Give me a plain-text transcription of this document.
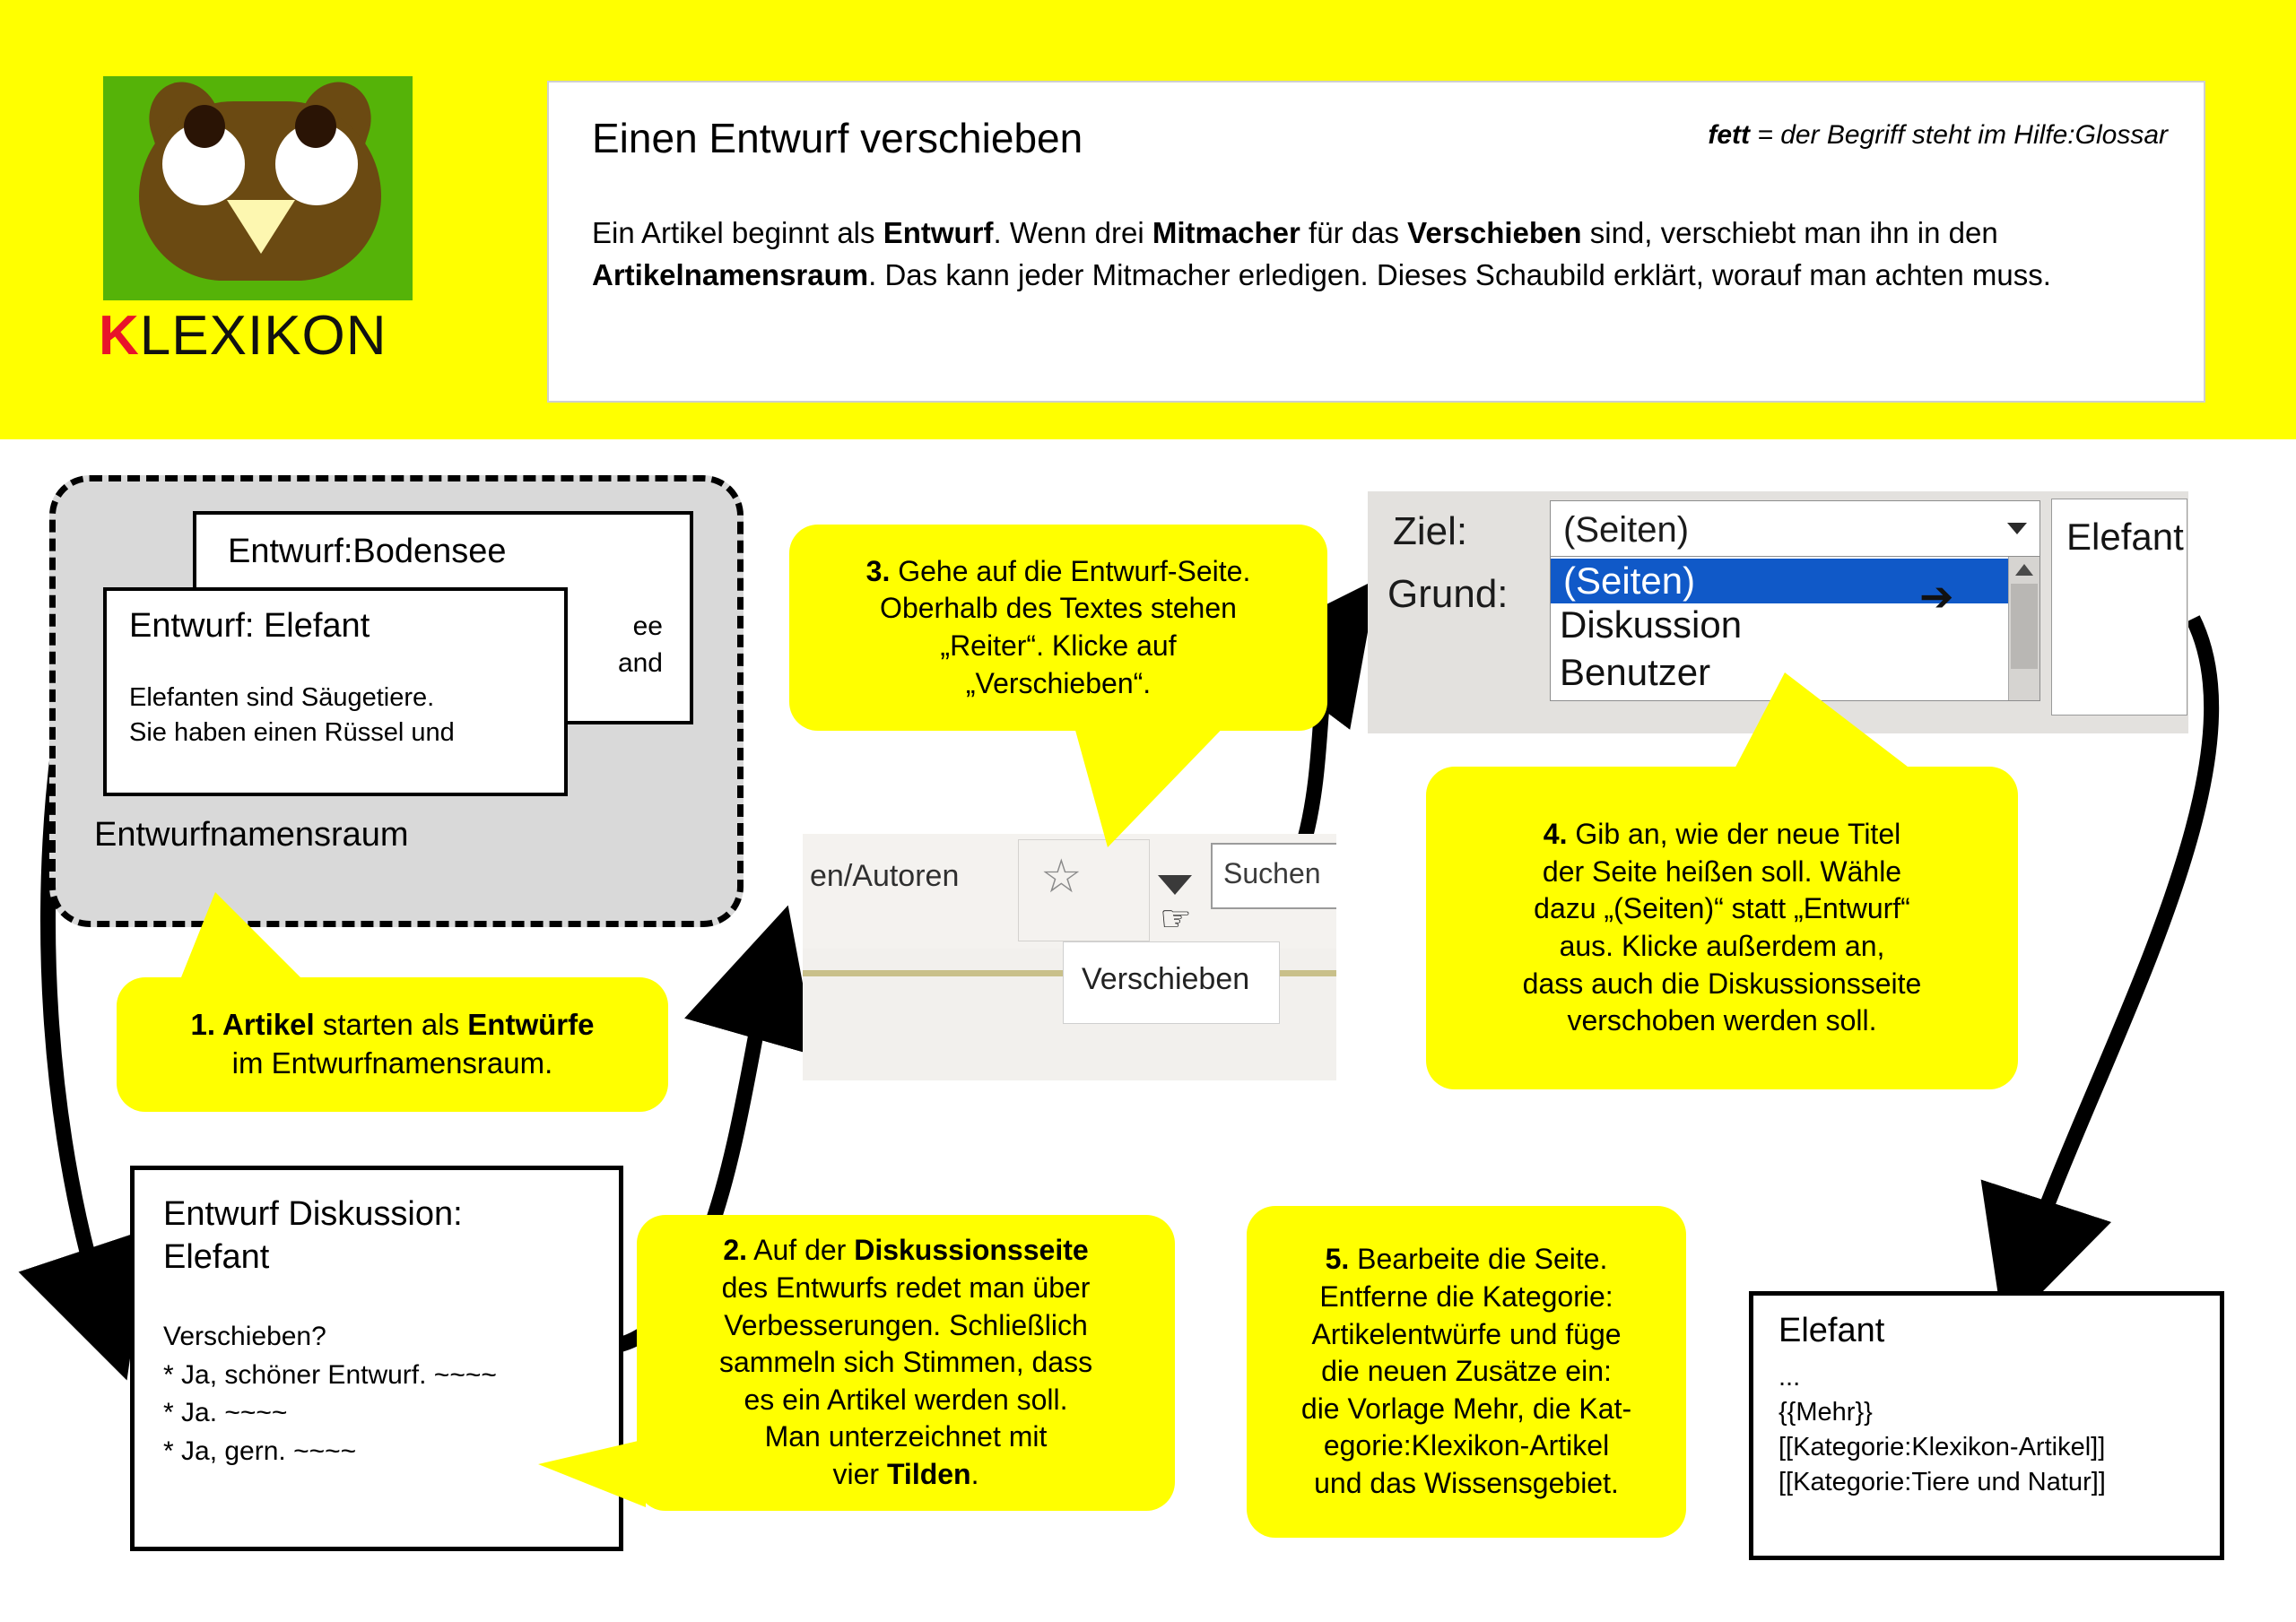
KLEXIKON
Einen Entwurf verschieben	fett = der Begriff steht im Hilfe:Glossar
Ein Artikel beginnt als Entwurf. Wenn drei Mitmacher für das Verschieben sind, verschiebt man ihn in den Artikelnamensraum. Das kann jeder Mitmacher erledigen. Dieses Schaubild erklärt, worauf man achten muss.
Entwurfnamensraum
Entwurf:Bodensee
ee
and
Entwurf: Elefant
Elefanten sind Säugetiere.
Sie haben einen Rüssel und
Entwurf Diskussion:
Elefant
Verschieben?
* Ja, schöner Entwurf. ~~~~
* Ja. ~~~~
* Ja, gern. ~~~~
Elefant
...
{{Mehr}}
[[Kategorie:Klexikon-Artikel]]
[[Kategorie:Tiere und Natur]]
en/Autoren ☆
☞
Suchen
Verschieben
Ziel:
Grund:
(Seiten)
(Seiten)
Diskussion
Benutzer
➔
Elefant
1. Artikel starten als Entwürfe
im Entwurfnamensraum.
2. Auf der Diskussionsseite
des Entwurfs redet man über
Verbesserungen. Schließlich
sammeln sich Stimmen, dass
es ein Artikel werden soll.
Man unterzeichnet mit
vier Tilden.
3. Gehe auf die Entwurf-Seite.
Oberhalb des Textes stehen
„Reiter“. Klicke auf
„Verschieben“.
4. Gib an, wie der neue Titel
der Seite heißen soll. Wähle
dazu „(Seiten)“ statt „Entwurf“
aus. Klicke außerdem an,
dass auch die Diskussionsseite
verschoben werden soll.
5. Bearbeite die Seite.
Entferne die Kategorie:
Artikelentwürfe und füge
die neuen Zusätze ein:
die Vorlage Mehr, die Kat-
egorie:Klexikon-Artikel
und das Wissensgebiet.
